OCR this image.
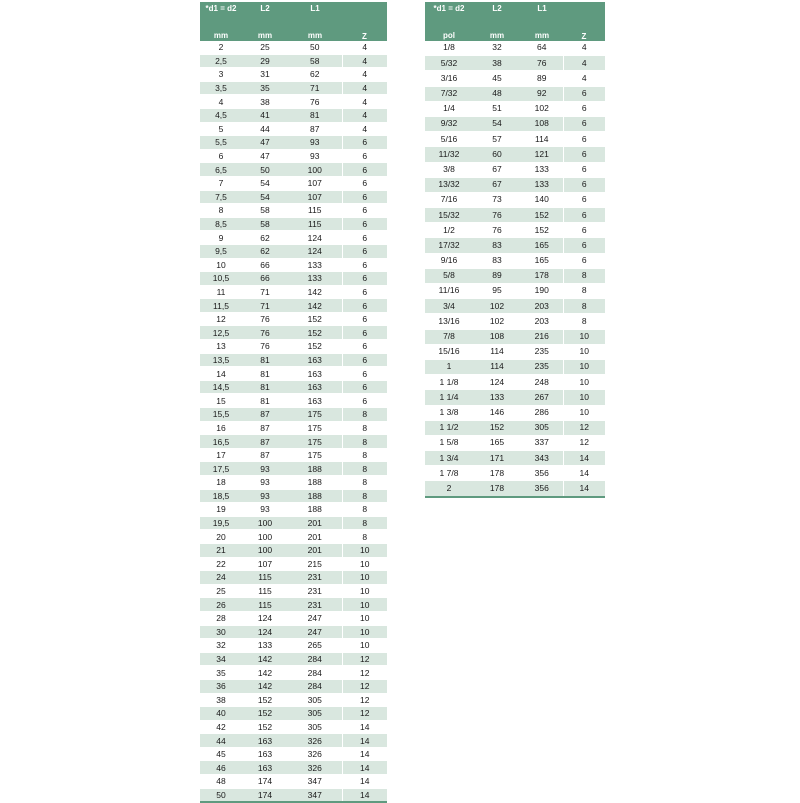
*d1 = d2	L2	L1	Z
mm	mm	mm	
2	25	50	4
2,5	29	58	4
3	31	62	4
3,5	35	71	4
4	38	76	4
4,5	41	81	4
5	44	87	4
5,5	47	93	6
6	47	93	6
6,5	50	100	6
7	54	107	6
7,5	54	107	6
8	58	115	6
8,5	58	115	6
9	62	124	6
9,5	62	124	6
10	66	133	6
10,5	66	133	6
11	71	142	6
11,5	71	142	6
12	76	152	6
12,5	76	152	6
13	76	152	6
13,5	81	163	6
14	81	163	6
14,5	81	163	6
15	81	163	6
15,5	87	175	8
16	87	175	8
16,5	87	175	8
17	87	175	8
17,5	93	188	8
18	93	188	8
18,5	93	188	8
19	93	188	8
19,5	100	201	8
20	100	201	8
21	100	201	10
22	107	215	10
24	115	231	10
25	115	231	10
26	115	231	10
28	124	247	10
30	124	247	10
32	133	265	10
34	142	284	12
35	142	284	12
36	142	284	12
38	152	305	12
40	152	305	12
42	152	305	14
44	163	326	14
45	163	326	14
46	163	326	14
48	174	347	14
50	174	347	14
*d1 = d2	L2	L1	Z
pol	mm	mm	
1/8	32	64	4
5/32	38	76	4
3/16	45	89	4
7/32	48	92	6
1/4	51	102	6
9/32	54	108	6
5/16	57	114	6
11/32	60	121	6
3/8	67	133	6
13/32	67	133	6
7/16	73	140	6
15/32	76	152	6
1/2	76	152	6
17/32	83	165	6
9/16	83	165	6
5/8	89	178	8
11/16	95	190	8
3/4	102	203	8
13/16	102	203	8
7/8	108	216	10
15/16	114	235	10
1	114	235	10
1 1/8	124	248	10
1 1/4	133	267	10
1 3/8	146	286	10
1 1/2	152	305	12
1 5/8	165	337	12
1 3/4	171	343	14
1 7/8	178	356	14
2	178	356	14
